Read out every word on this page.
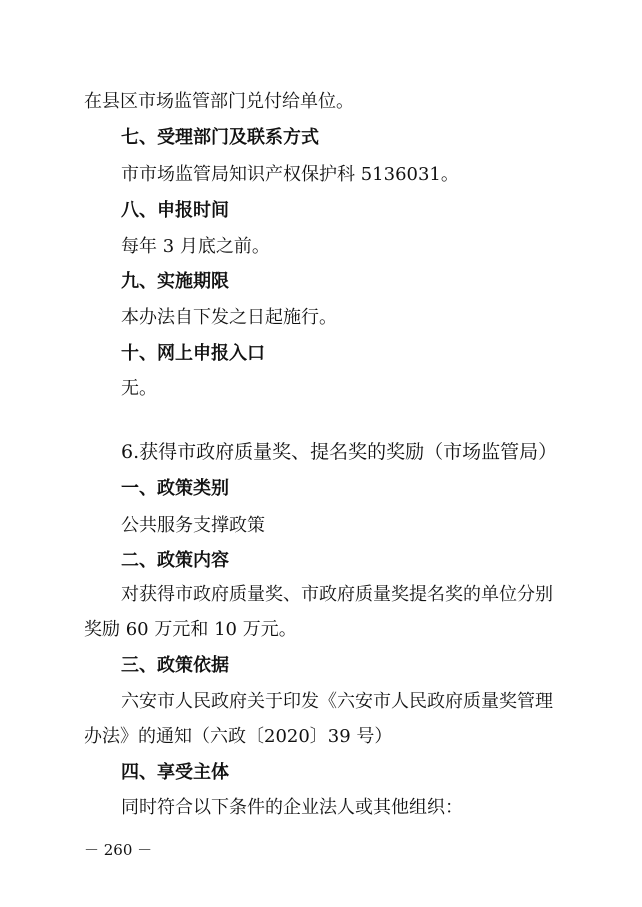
在县区市场监管部门兑付给单位。
七、受理部门及联系方式
市市场监管局知识产权保护科 5136031。
八、申报时间
每年 3 月底之前。
九、实施期限
本办法自下发之日起施行。
十、网上申报入口
无。
6.获得市政府质量奖、提名奖的奖励（市场监管局）
一、政策类别
公共服务支撑政策
二、政策内容
对获得市政府质量奖、市政府质量奖提名奖的单位分别
奖励 60 万元和 10 万元。
三、政策依据
六安市人民政府关于印发《六安市人民政府质量奖管理
办法》的通知（六政〔2020〕39 号）
四、享受主体
同时符合以下条件的企业法人或其他组织：
－ 260 －
